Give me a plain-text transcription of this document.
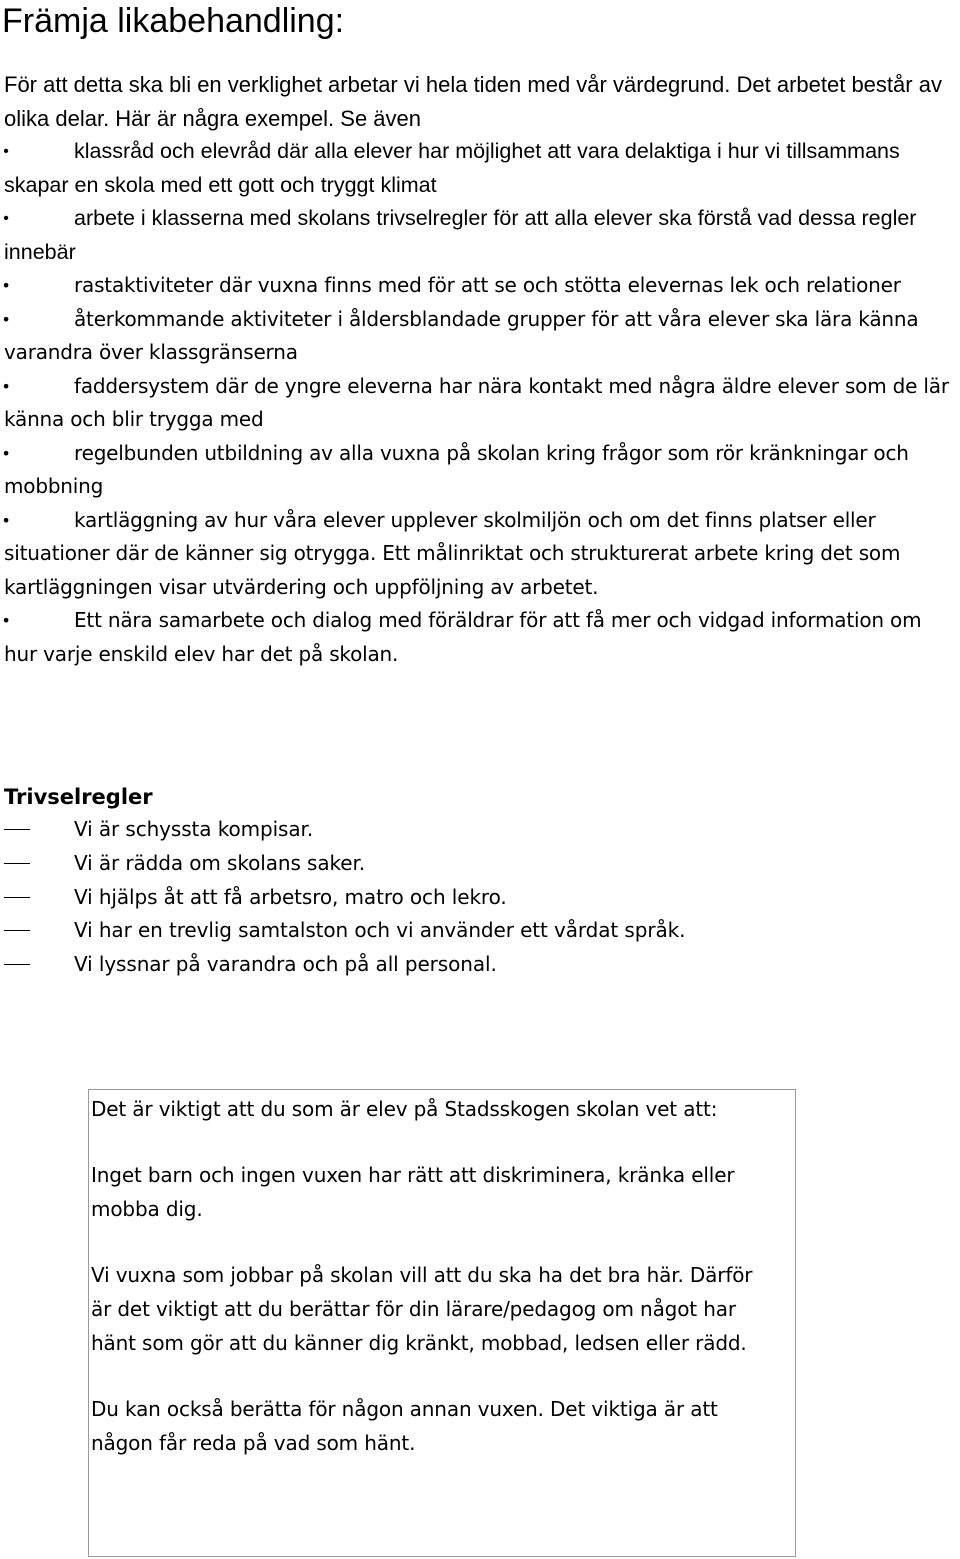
Främja likabehandling:

För att detta ska bli en verklighet arbetar vi hela tiden med vår värdegrund. Det arbetet består av olika delar. Här är några exempel. Se även

•	klassråd och elevråd där alla elever har möjlighet att vara delaktiga i hur vi tillsammans skapar en skola med ett gott och tryggt klimat
•	arbete i klasserna med skolans trivselregler för att alla elever ska förstå vad dessa regler innebär
•	rastaktiviteter där vuxna finns med för att se och stötta elevernas lek och relationer
•	återkommande aktiviteter i åldersblandade grupper för att våra elever ska lära känna varandra över klassgränserna
•	faddersystem där de yngre eleverna har nära kontakt med några äldre elever som de lär känna och blir trygga med
•	regelbunden utbildning av alla vuxna på skolan kring frågor som rör kränkningar och mobbning
•	kartläggning av hur våra elever upplever skolmiljön och om det finns platser eller situationer där de känner sig otrygga. Ett målinriktat och strukturerat arbete kring det som kartläggningen visar utvärdering och uppföljning av arbetet.
•	Ett nära samarbete och dialog med föräldrar för att få mer och vidgad information om hur varje enskild elev har det på skolan.
Trivselregler
Vi är schyssta kompisar.
Vi är rädda om skolans saker.
Vi hjälps åt att få arbetsro, matro och lekro.
Vi har en trevlig samtalston och vi använder ett vårdat språk.
Vi lyssnar på varandra och på all personal.

Det är viktigt att du som är elev på Stadsskogen skolan vet att:

Inget barn och ingen vuxen har rätt att diskriminera, kränka eller mobba dig.

Vi vuxna som jobbar på skolan vill att du ska ha det bra här. Därför är det viktigt att du berättar för din lärare/pedagog om något har hänt som gör att du känner dig kränkt, mobbad, ledsen eller rädd.

Du kan också berätta för någon annan vuxen. Det viktiga är att någon får reda på vad som hänt.
